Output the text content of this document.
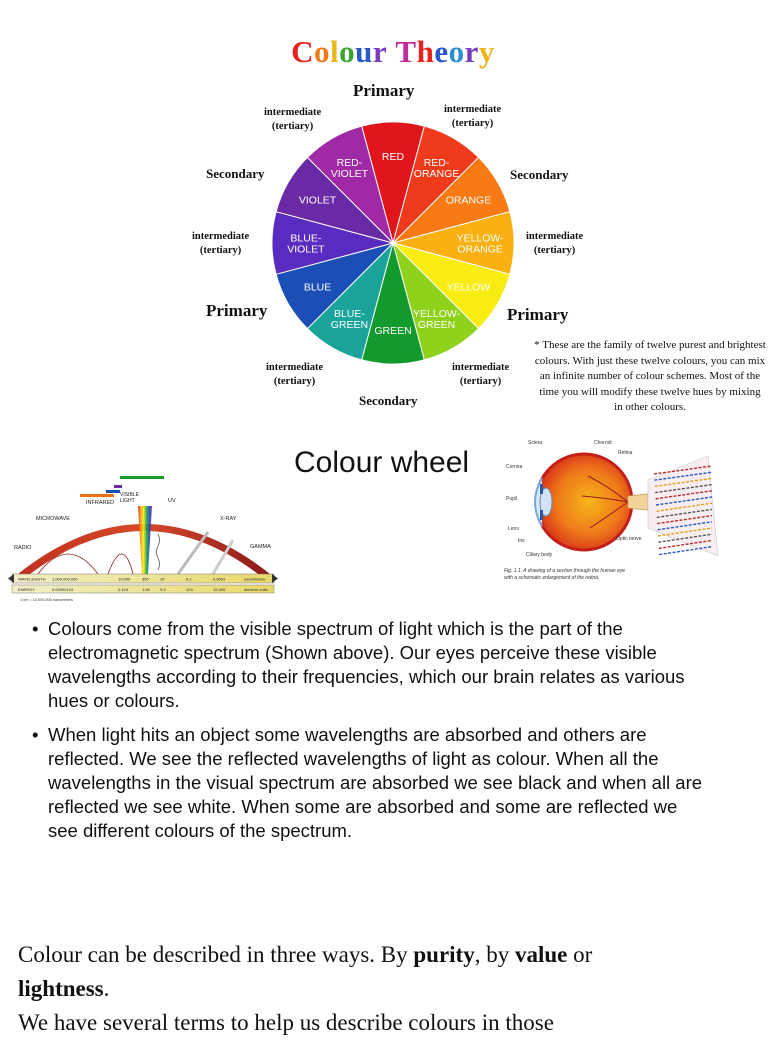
Colour Theory
RED
RED-ORANGE
ORANGE
YELLOW-ORANGE
YELLOW
YELLOW-GREEN
GREEN
BLUE-GREEN
BLUE
BLUE-VIOLET
VIOLET
RED-VIOLET
Primary
Primary	Primary
Secondary	Secondary
Secondary
intermediate
(tertiary)
intermediate
(tertiary)
intermediate
(tertiary)
intermediate
(tertiary)
intermediate
(tertiary)
intermediate
(tertiary)
* These are the family of twelve purest and brightest colours. With just these twelve colours, you can mix an infinite number of colour schemes. Most of the time you will modify these twelve hues by mixing in other colours.
Colour wheel
RADIO
MICROWAVE
INFRARED
VISIBLE
LIGHT	UV
X-RAY
GAMMA
WAVELENGTH 1,000,000,000	10,000	350	10	0.1	0.0001	nanometers
ENERGY	0.00000124	0.124	1.65	3.3	124	12,400	electron volts
1 nm = 10,000,000 nanometers
Sclera	Choroid
Retina
Cornea
Pupil
Lens
Iris
Ciliary body
Optic nerve
Fig. 1.1. A drawing of a section through the human eye
with a schematic enlargement of the retina.
• Colours come from the visible spectrum of light which is the part of the electromagnetic spectrum (Shown above). Our eyes perceive these visible wavelengths according to their frequencies, which our brain relates as various hues or colours.
• When light hits an object some wavelengths are absorbed and others are reflected. We see the reflected wavelengths of light as colour. When all the wavelengths in the visual spectrum are absorbed we see black and when all are reflected we see white. When some are absorbed and some are reflected we see different colours of the spectrum.
Colour can be described in three ways. By purity, by value or
lightness.
We have several terms to help us describe colours in those
